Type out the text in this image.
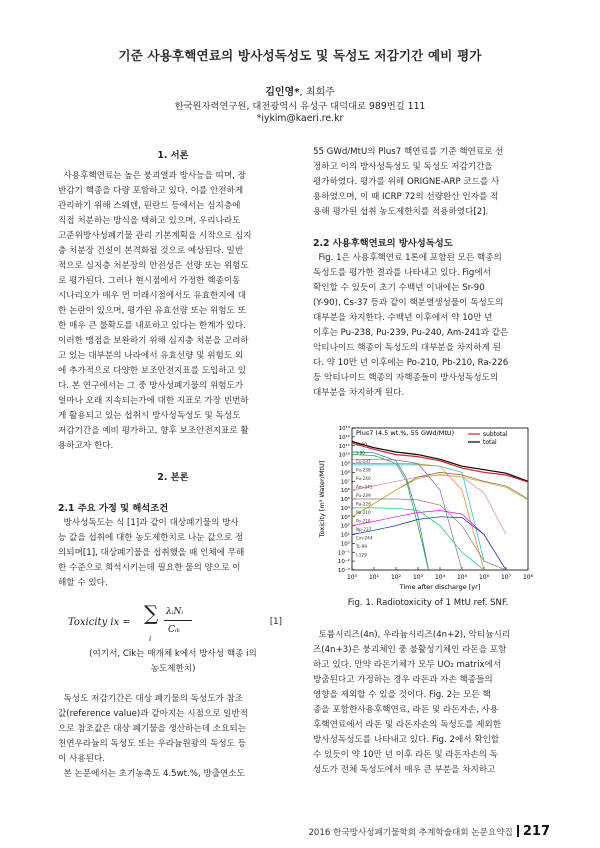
기준 사용후핵연료의 방사성독성도 및 독성도 저감기간 예비 평가
김인영*, 최희주
한국원자력연구원, 대전광역시 유성구 대덕대로 989번길 111
*iykim@kaeri.re.kr
1. 서론
사용후핵연료는 높은 붕괴열과 방사능을 띠며, 장
반감기 핵종을 다량 포함하고 있다. 이를 안전하게
관리하기 위해 스웨덴, 핀란드 등에서는 심지층에
직접 처분하는 방식을 택하고 있으며, 우리나라도
고준위방사성폐기물 관리 기본계획을 시작으로 심지
층 처분장 건설이 본격화될 것으로 예상된다. 일반
적으로 심지층 처분장의 안전성은 선량 또는 위험도
로 평가된다. 그러나 현시점에서 가정한 핵종이동
시나리오가 매우 먼 미래시점에서도 유효한지에 대
한 논란이 있으며, 평가된 유효선량 또는 위험도 또
한 매우 큰 불확도를 내포하고 있다는 한계가 있다.
이러한 맹점을 보완하기 위해 심지층 처분을 고려하
고 있는 대부분의 나라에서 유효선량 및 위험도 외
에 추가적으로 다양한 보조안전지표를 도입하고 있
다. 본 연구에서는 그 중 방사성폐기물의 위험도가
얼마나 오래 지속되는가에 대한 지표로 가장 빈번하
게 활용되고 있는 섭취시 방사성독성도 및 독성도
저감기간을 예비 평가하고, 향후 보조안전지표로 활
용하고자 한다.
2. 본론
2.1 주요 가정 및 해석조건
방사성독도는 식 [1]과 같이 대상폐기물의 방사
능 값을 섭취에 대한 농도제한치로 나눈 값으로 정
의되며[1], 대상폐기물을 섭취했을 때 인체에 무해
한 수준으로 희석시키는데 필요한 물의 양으로 이
해할 수 있다.
Toxicity ix = ∑
i
λᵢNᵢ
Cᵢₖ
[1]
(여기서, Cik는 매개체 k에서 방사성 핵종 i의
농도제한치)
독성도 저감기간은 대상 폐기물의 독성도가 참조
값(reference value)과 같아지는 시점으로 일반적
으로 참조값은 대상 폐기물을 생산하는데 소요되는
천연우라늄의 독성도 또는 우라늄원광의 독성도 등
이 사용된다.
본 논문에서는 초기농축도 4.5wt.%, 방출연소도
55 GWd/MtU의 Plus7 핵연료를 기준 핵연료로 선
정하고 이의 방사성독성도 및 독성도 저감기간을
평가하였다. 평가를 위해 ORIGNE-ARP 코드를 사
용하였으며, 이 때 ICRP 72의 선량환산 인자를 적
용해 평가된 섭취 농도제한치를 적용하였다[2].
2.2 사용후핵연료의 방사성독성도
Fig. 1은 사용후핵연료 1톤에 포함된 모든 핵종의
독성도를 평가한 결과를 나타내고 있다. Fig에서
확인할 수 있듯이 초기 수백년 이내에는 Sr-90
(Y-90), Cs-37 등과 같이 핵분열생성물이 독성도의
대부분을 차지한다. 수백년 이후에서 약 10만 년
이후는 Pu-238, Pu-239, Pu-240, Am-241과 같은
악티나이드 핵종이 독성도의 대부분을 차지하게 된
다. 약 10만 년 이후에는 Po-210, Pb-210, Ra-226
등 악티나이드 핵종의 자핵종들이 방사성독성도의
대부분을 차지하게 된다.
10⁰ 10¹ 10² 10³ 10⁴ 10⁵ 10⁶ 10⁷ 10⁸
10⁻³
10⁻²
10⁻¹
10⁰
10¹
10²
10³
10⁴
10⁵
10⁶
10⁷
10⁸
10⁹
10¹⁰
10¹¹
10¹²
10¹³
subtotal
total
Plus7 (4.5 wt.%, 55 GWd/MtU)
Time after discharge [yr]
Toxicity [m³ Water/MtU]
Sr-90
Y-90
Cs-137
Pu-238
Pu-240
Am-241
Pu-239
Ra-226
Pb-210
Po-210
Np-237
Cm-244
Tc-99
I-129
Fig. 1. Radiotoxicity of 1 MtU ref. SNF.
토륨시리즈(4n), 우라늄시리즈(4n+2), 악티늄시리
즈(4n+3)은 붕괴체인 중 불활성기체인 라돈을 포함
하고 있다. 만약 라돈기체가 모두 UO₂ matrix에서
방출된다고 가정하는 경우 라돈과 자손 핵종들의
영향을 제외할 수 있을 것이다. Fig. 2는 모든 핵
종을 포함한사용후핵연료, 라돈 및 라돈자손, 사용
후핵연료에서 라돈 및 라돈자손의 독성도를 제외한
방사성독성도를 나타내고 있다. Fig. 2에서 확인할
수 있듯이 약 10만 년 이후 라돈 및 라돈자손의 독
성도가 전체 독성도에서 매우 큰 부분을 차지하고
2016 한국방사성폐기물학회 추계학술대회 논문요약집 217
